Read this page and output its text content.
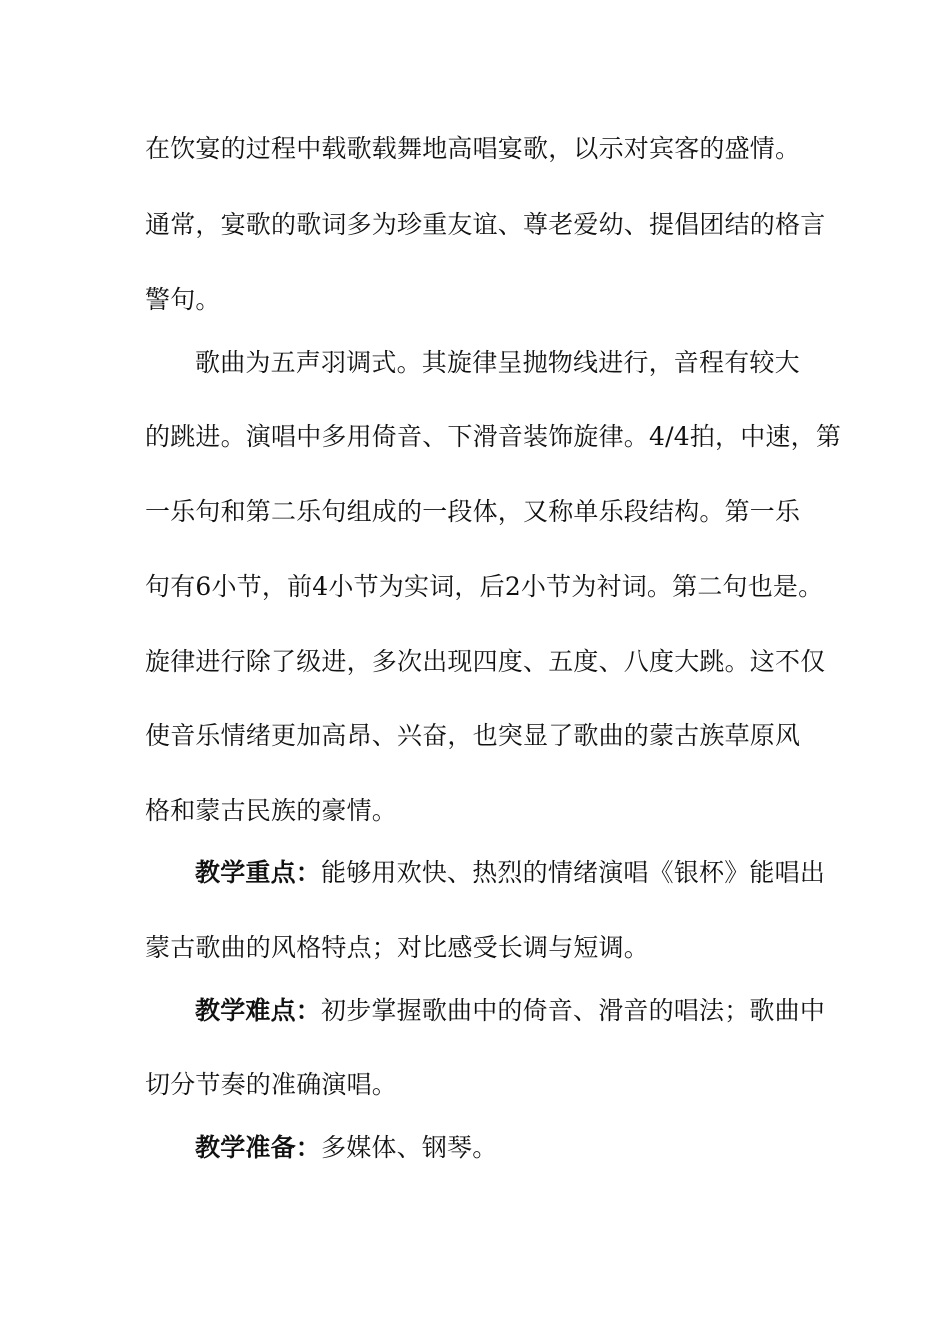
在饮宴的过程中载歌载舞地高唱宴歌，以示对宾客的盛情。
通常，宴歌的歌词多为珍重友谊、尊老爱幼、提倡团结的格言
警句。
歌曲为五声羽调式。其旋律呈抛物线进行，音程有较大
的跳进。演唱中多用倚音、下滑音装饰旋律。4/4拍，中速，第
一乐句和第二乐句组成的一段体，又称单乐段结构。第一乐
句有6小节，前4小节为实词，后2小节为衬词。第二句也是。
旋律进行除了级进，多次出现四度、五度、八度大跳。这不仅
使音乐情绪更加高昂、兴奋，也突显了歌曲的蒙古族草原风
格和蒙古民族的豪情。
教学重点：能够用欢快、热烈的情绪演唱《银杯》能唱出
蒙古歌曲的风格特点；对比感受长调与短调。
教学难点：初步掌握歌曲中的倚音、滑音的唱法；歌曲中
切分节奏的准确演唱。
教学准备：多媒体、钢琴。
